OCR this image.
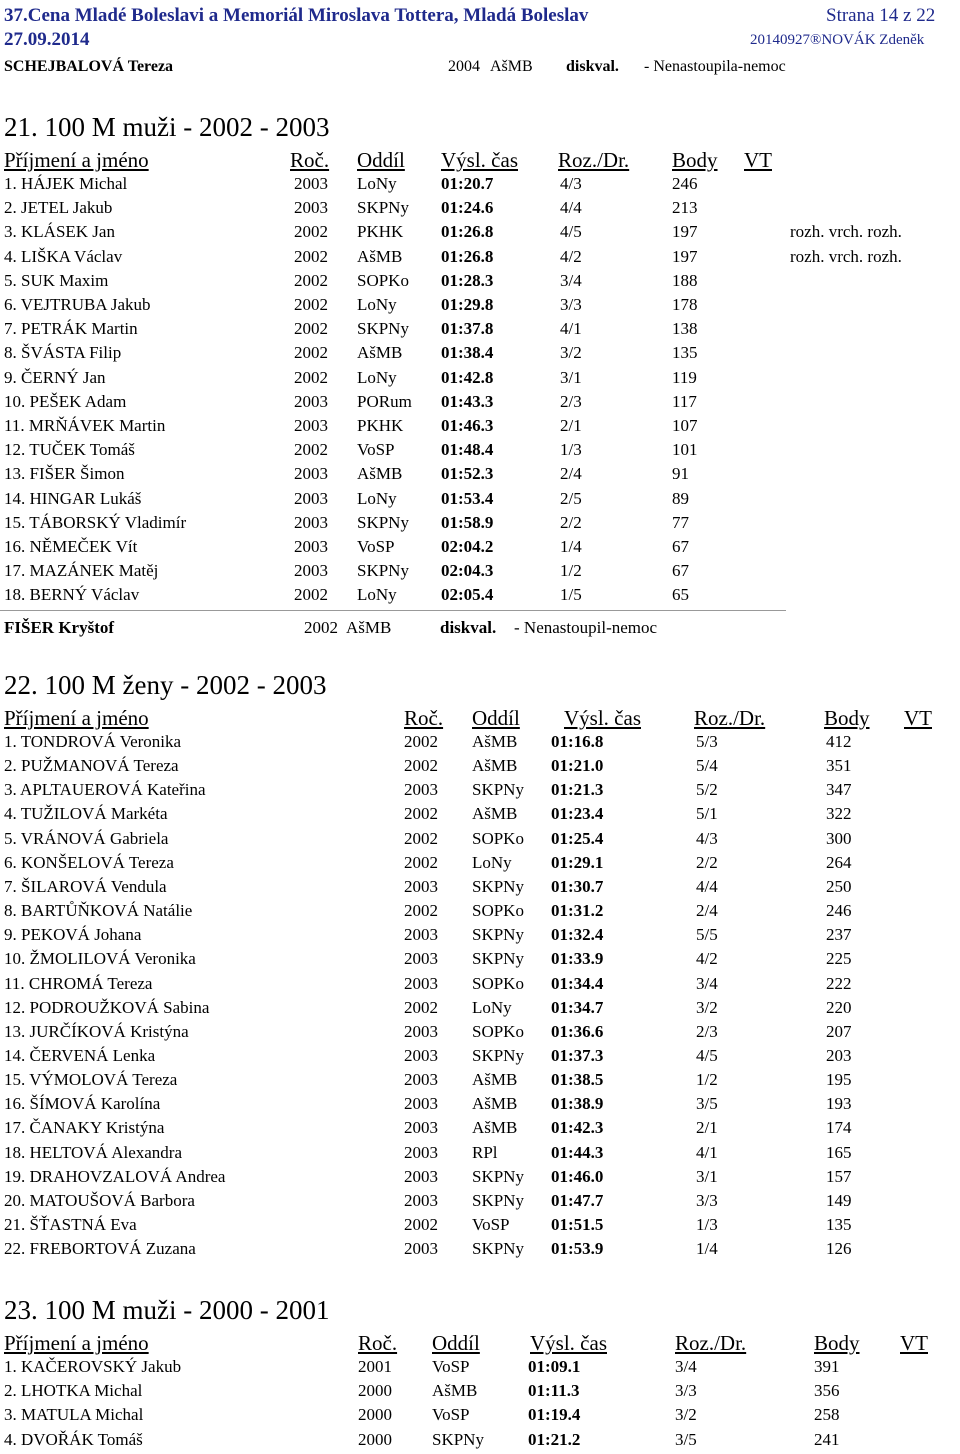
37.Cena Mladé Boleslavi a Memoriál Miroslava Tottera, Mladá Boleslav	Strana 14 z 22
27.09.2014	20140927®NOVÁK Zdeněk
SCHEJBALOVÁ Tereza	2004 AšMB diskval. - Nenastoupila-nemoc
21. 100 M muži - 2002 - 2003
Příjmení a jméno	Roč. Oddíl Výsl. čas Roz./Dr. Body VT
1. HÁJEK Michal	2003 LoNy	01:20.7	4/3	246
2. JETEL Jakub	2003 SKPNy 01:24.6	4/4	213
3. KLÁSEK Jan	2002 PKHK 01:26.8	4/5	197	rozh. vrch. rozh.
4. LIŠKA Václav	2002 AšMB 01:26.8	4/2	197	rozh. vrch. rozh.
5. SUK Maxim	2002 SOPKo 01:28.3	3/4	188
6. VEJTRUBA Jakub	2002 LoNy	01:29.8	3/3	178
7. PETRÁK Martin	2002 SKPNy 01:37.8	4/1	138
8. ŠVÁSTA Filip	2002 AšMB 01:38.4	3/2	135
9. ČERNÝ Jan	2002 LoNy	01:42.8	3/1	119
10. PEŠEK Adam	2003 PORum 01:43.3	2/3	117
11. MRŇÁVEK Martin	2003 PKHK 01:46.3	2/1	107
12. TUČEK Tomáš	2002 VoSP	01:48.4	1/3	101
13. FIŠER Šimon	2003 AšMB 01:52.3	2/4	91
14. HINGAR Lukáš	2003 LoNy	01:53.4	2/5	89
15. TÁBORSKÝ Vladimír	2003 SKPNy 01:58.9	2/2	77
16. NĚMEČEK Vít	2003 VoSP	02:04.2	1/4	67
17. MAZÁNEK Matěj	2003 SKPNy 02:04.3	1/2	67
18. BERNÝ Václav	2002 LoNy	02:05.4	1/5	65
FIŠER Kryštof	2002 AšMB	diskval. - Nenastoupil-nemoc
22. 100 M ženy - 2002 - 2003
Příjmení a jméno	Roč. Oddíl Výsl. čas	Roz./Dr.	Body VT
1. TONDROVÁ Veronika	2002 AšMB 01:16.8	5/3	412
2. PUŽMANOVÁ Tereza	2002 AšMB 01:21.0	5/4	351
3. APLTAUEROVÁ Kateřina	2003 SKPNy 01:21.3	5/2	347
4. TUŽILOVÁ Markéta	2002 AšMB 01:23.4	5/1	322
5. VRÁNOVÁ Gabriela	2002 SOPKo 01:25.4	4/3	300
6. KONŠELOVÁ Tereza	2002 LoNy 01:29.1	2/2	264
7. ŠILAROVÁ Vendula	2003 SKPNy 01:30.7	4/4	250
8. BARTŮŇKOVÁ Natálie	2002 SOPKo 01:31.2	2/4	246
9. PEKOVÁ Johana	2003 SKPNy 01:32.4	5/5	237
10. ŽMOLILOVÁ Veronika	2003 SKPNy 01:33.9	4/2	225
11. CHROMÁ Tereza	2003 SOPKo 01:34.4	3/4	222
12. PODROUŽKOVÁ Sabina	2002 LoNy 01:34.7	3/2	220
13. JURČÍKOVÁ Kristýna	2003 SOPKo 01:36.6	2/3	207
14. ČERVENÁ Lenka	2003 SKPNy 01:37.3	4/5	203
15. VÝMOLOVÁ Tereza	2003 AšMB 01:38.5	1/2	195
16. ŠÍMOVÁ Karolína	2003 AšMB 01:38.9	3/5	193
17. ČANAKY Kristýna	2003 AšMB 01:42.3	2/1	174
18. HELTOVÁ Alexandra	2003 RPl	01:44.3	4/1	165
19. DRAHOVZALOVÁ Andrea	2003 SKPNy 01:46.0	3/1	157
20. MATOUŠOVÁ Barbora	2003 SKPNy 01:47.7	3/3	149
21. ŠŤASTNÁ Eva	2002 VoSP 01:51.5	1/3	135
22. FREBORTOVÁ Zuzana	2003 SKPNy 01:53.9	1/4	126
23. 100 M muži - 2000 - 2001
Příjmení a jméno	Roč. Oddíl Výsl. čas	Roz./Dr.	Body VT
1. KAČEROVSKÝ Jakub	2001 VoSP	01:09.1	3/4	391
2. LHOTKA Michal	2000 AšMB	01:11.3	3/3	356
3. MATULA Michal	2000 VoSP	01:19.4	3/2	258
4. DVOŘÁK Tomáš	2000 SKPNy	01:21.2	3/5	241
